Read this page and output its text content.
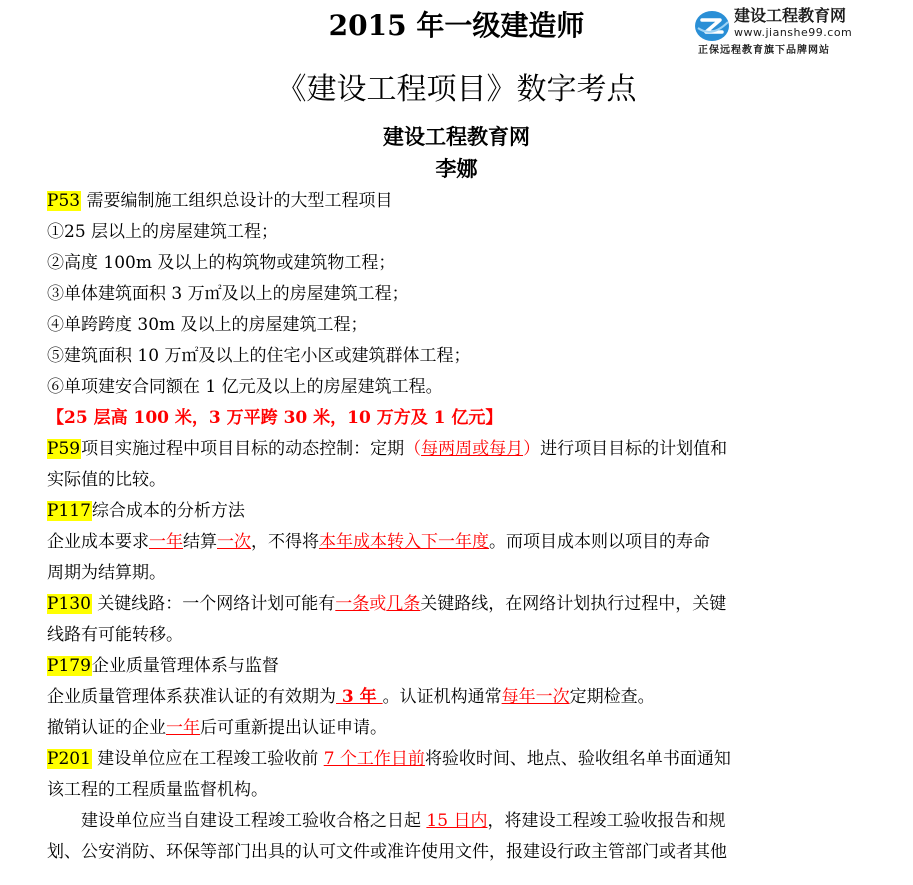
2015 年一级建造师
《建设工程项目》数字考点
建设工程教育网
李娜
建设工程教育网
www.jianshe99.com
正保远程教育旗下品牌网站
P53 需要编制施工组织总设计的大型工程项目
①25 层以上的房屋建筑工程；
②高度 100m 及以上的构筑物或建筑物工程；
③单体建筑面积 3 万㎡及以上的房屋建筑工程；
④单跨跨度 30m 及以上的房屋建筑工程；
⑤建筑面积 10 万㎡及以上的住宅小区或建筑群体工程；
⑥单项建安合同额在 1 亿元及以上的房屋建筑工程。
【25 层高 100 米，3 万平跨 30 米，10 万方及 1 亿元】
P59项目实施过程中项目目标的动态控制：定期（每两周或每月）进行项目目标的计划值和
实际值的比较。
P117综合成本的分析方法
企业成本要求一年结算一次，不得将本年成本转入下一年度。而项目成本则以项目的寿命
周期为结算期。
P130 关键线路：一个网络计划可能有一条或几条关键路线，在网络计划执行过程中，关键
线路有可能转移。
P179企业质量管理体系与监督
企业质量管理体系获准认证的有效期为 3 年 。认证机构通常每年一次定期检查。
撤销认证的企业一年后可重新提出认证申请。
P201 建设单位应在工程竣工验收前 7 个工作日前将验收时间、地点、验收组名单书面通知
该工程的工程质量监督机构。
建设单位应当自建设工程竣工验收合格之日起 15 日内，将建设工程竣工验收报告和规
划、公安消防、环保等部门出具的认可文件或准许使用文件，报建设行政主管部门或者其他
